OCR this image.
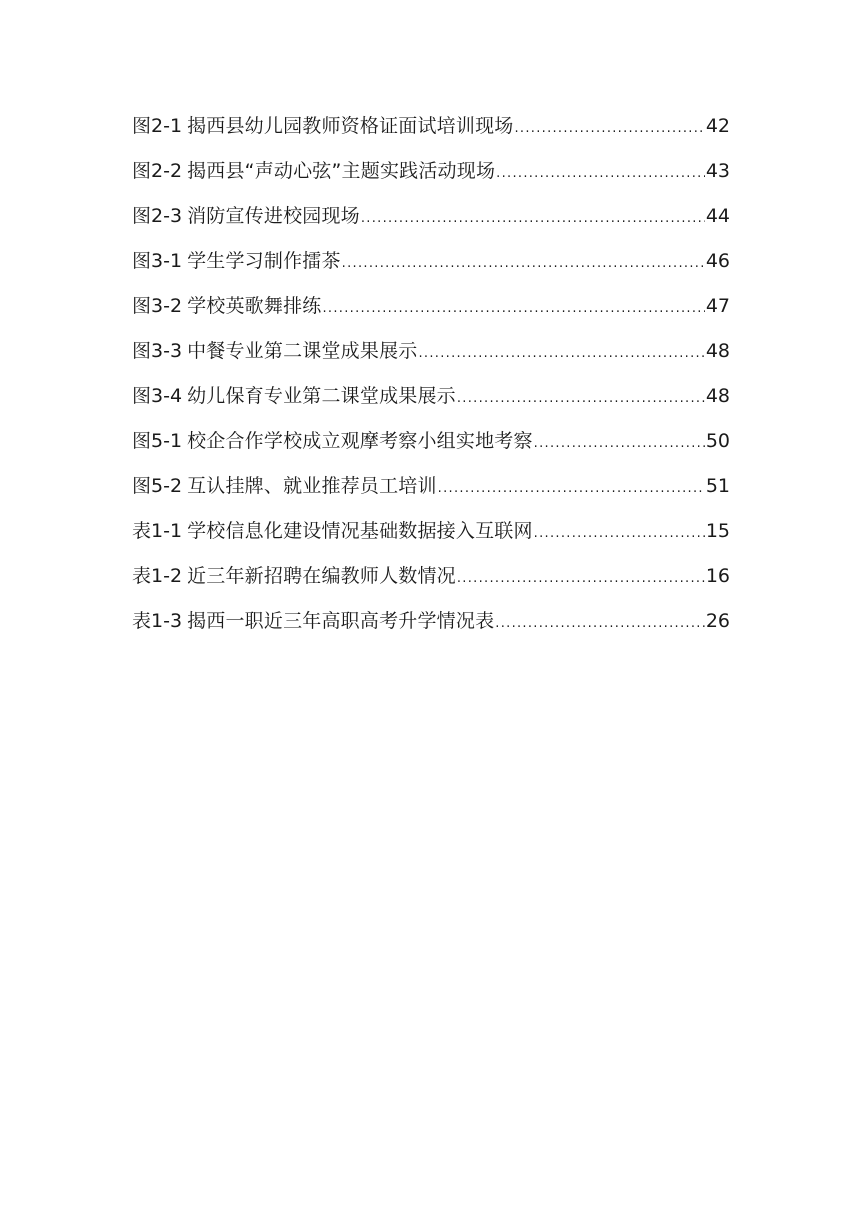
图 2-1 揭西县幼儿园教师资格证面试培训现场 .....	42
图 2-2 揭西县“声动心弦”主题实践活动现场 .....	43
图 2-3 消防宣传进校园现场 .....	44
图 3-1 学生学习制作擂茶 .....	46
图 3-2 学校英歌舞排练 .....	47
图 3-3 中餐专业第二课堂成果展示 .....	48
图 3-4 幼儿保育专业第二课堂成果展示 .....	48
图 5-1 校企合作学校成立观摩考察小组实地考察 .....	50
图 5-2 互认挂牌、就业推荐员工培训 .....	51
表 1-1 学校信息化建设情况基础数据接入互联网 .....	15
表 1-2 近三年新招聘在编教师人数情况 .....	16
表 1-3 揭西一职近三年高职高考升学情况表 .....	26
